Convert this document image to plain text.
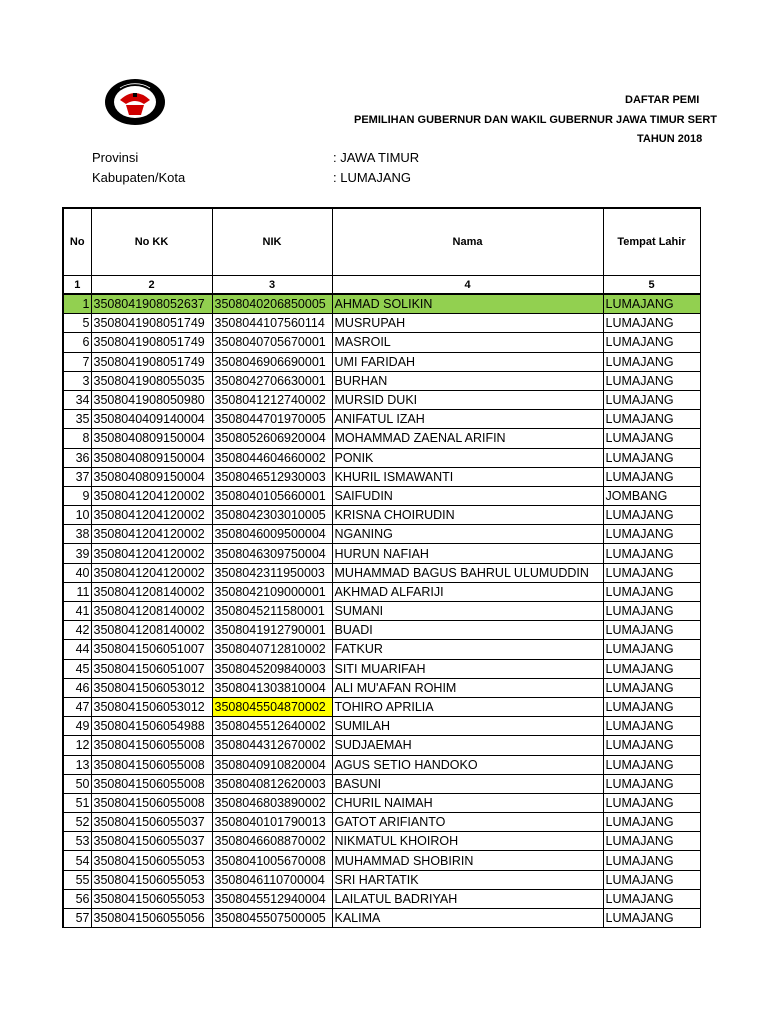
DAFTAR PEMI
PEMILIHAN GUBERNUR DAN WAKIL GUBERNUR JAWA TIMUR SERT
TAHUN 2018
Provinsi	: JAWA TIMUR
Kabupaten/Kota	: LUMAJANG
No	No KK	NIK	Nama	Tempat Lahir
1	2	3	4	5
1	3508041908052637	3508040206850005	AHMAD SOLIKIN	LUMAJANG
5	3508041908051749	3508044107560114	MUSRUPAH	LUMAJANG
6	3508041908051749	3508040705670001	MASROIL	LUMAJANG
7	3508041908051749	3508046906690001	UMI FARIDAH	LUMAJANG
3	3508041908055035	3508042706630001	BURHAN	LUMAJANG
34	3508041908050980	3508041212740002	MURSID DUKI	LUMAJANG
35	3508040409140004	3508044701970005	ANIFATUL IZAH	LUMAJANG
8	3508040809150004	3508052606920004	MOHAMMAD ZAENAL ARIFIN	LUMAJANG
36	3508040809150004	3508044604660002	PONIK	LUMAJANG
37	3508040809150004	3508046512930003	KHURIL ISMAWANTI	LUMAJANG
9	3508041204120002	3508040105660001	SAIFUDIN	JOMBANG
10	3508041204120002	3508042303010005	KRISNA CHOIRUDIN	LUMAJANG
38	3508041204120002	3508046009500004	NGANING	LUMAJANG
39	3508041204120002	3508046309750004	HURUN NAFIAH	LUMAJANG
40	3508041204120002	3508042311950003	MUHAMMAD BAGUS BAHRUL ULUMUDDIN	LUMAJANG
11	3508041208140002	3508042109000001	AKHMAD ALFARIJI	LUMAJANG
41	3508041208140002	3508045211580001	SUMANI	LUMAJANG
42	3508041208140002	3508041912790001	BUADI	LUMAJANG
44	3508041506051007	3508040712810002	FATKUR	LUMAJANG
45	3508041506051007	3508045209840003	SITI MUARIFAH	LUMAJANG
46	3508041506053012	3508041303810004	ALI MU'AFAN ROHIM	LUMAJANG
47	3508041506053012	3508045504870002	TOHIRO APRILIA	LUMAJANG
49	3508041506054988	3508045512640002	SUMILAH	LUMAJANG
12	3508041506055008	3508044312670002	SUDJAEMAH	LUMAJANG
13	3508041506055008	3508040910820004	AGUS SETIO HANDOKO	LUMAJANG
50	3508041506055008	3508040812620003	BASUNI	LUMAJANG
51	3508041506055008	3508046803890002	CHURIL NAIMAH	LUMAJANG
52	3508041506055037	3508040101790013	GATOT ARIFIANTO	LUMAJANG
53	3508041506055037	3508046608870002	NIKMATUL KHOIROH	LUMAJANG
54	3508041506055053	3508041005670008	MUHAMMAD SHOBIRIN	LUMAJANG
55	3508041506055053	3508046110700004	SRI HARTATIK	LUMAJANG
56	3508041506055053	3508045512940004	LAILATUL BADRIYAH	LUMAJANG
57	3508041506055056	3508045507500005	KALIMA	LUMAJANG
